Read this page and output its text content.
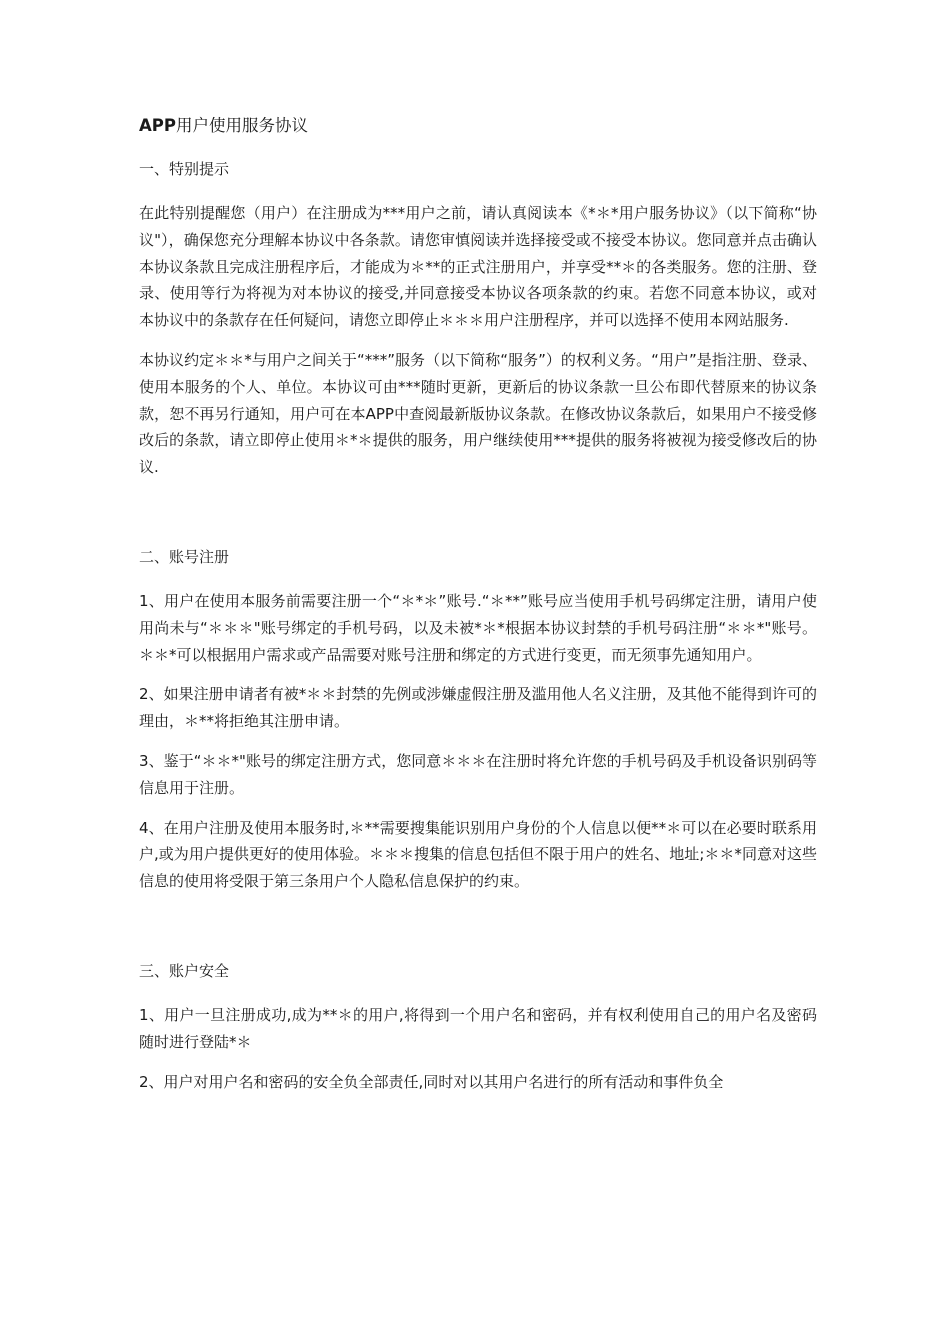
APP用户使用服务协议
一、特别提示

在此特别提醒您（用户）在注册成为***用户之前，请认真阅读本《*＊*用户服务协议》（以下简称“协议"），确保您充分理解本协议中各条款。请您审慎阅读并选择接受或不接受本协议。您同意并点击确认本协议条款且完成注册程序后，才能成为＊**的正式注册用户，并享受**＊的各类服务。您的注册、登录、使用等行为将视为对本协议的接受,并同意接受本协议各项条款的约束。若您不同意本协议，或对本协议中的条款存在任何疑问，请您立即停止＊＊＊用户注册程序，并可以选择不使用本网站服务.

本协议约定＊＊*与用户之间关于“***”服务（以下简称“服务”）的权利义务。“用户”是指注册、登录、使用本服务的个人、单位。本协议可由***随时更新，更新后的协议条款一旦公布即代替原来的协议条款，恕不再另行通知，用户可在本APP中查阅最新版协议条款。在修改协议条款后，如果用户不接受修改后的条款，请立即停止使用＊*＊提供的服务，用户继续使用***提供的服务将被视为接受修改后的协议.

二、账号注册

1、用户在使用本服务前需要注册一个“＊*＊”账号.“＊**”账号应当使用手机号码绑定注册，请用户使用尚未与“＊＊＊"账号绑定的手机号码，以及未被*＊*根据本协议封禁的手机号码注册“＊＊*"账号。＊＊*可以根据用户需求或产品需要对账号注册和绑定的方式进行变更，而无须事先通知用户。

2、如果注册申请者有被*＊＊封禁的先例或涉嫌虚假注册及滥用他人名义注册，及其他不能得到许可的理由，＊**将拒绝其注册申请。

3、鉴于“＊＊*"账号的绑定注册方式，您同意＊＊＊在注册时将允许您的手机号码及手机设备识别码等信息用于注册。

4、在用户注册及使用本服务时,＊**需要搜集能识别用户身份的个人信息以便**＊可以在必要时联系用户,或为用户提供更好的使用体验。＊＊＊搜集的信息包括但不限于用户的姓名、地址;＊＊*同意对这些信息的使用将受限于第三条用户个人隐私信息保护的约束。

三、账户安全

1、用户一旦注册成功,成为**＊的用户,将得到一个用户名和密码，并有权利使用自己的用户名及密码随时进行登陆*＊

2、用户对用户名和密码的安全负全部责任,同时对以其用户名进行的所有活动和事件负全
